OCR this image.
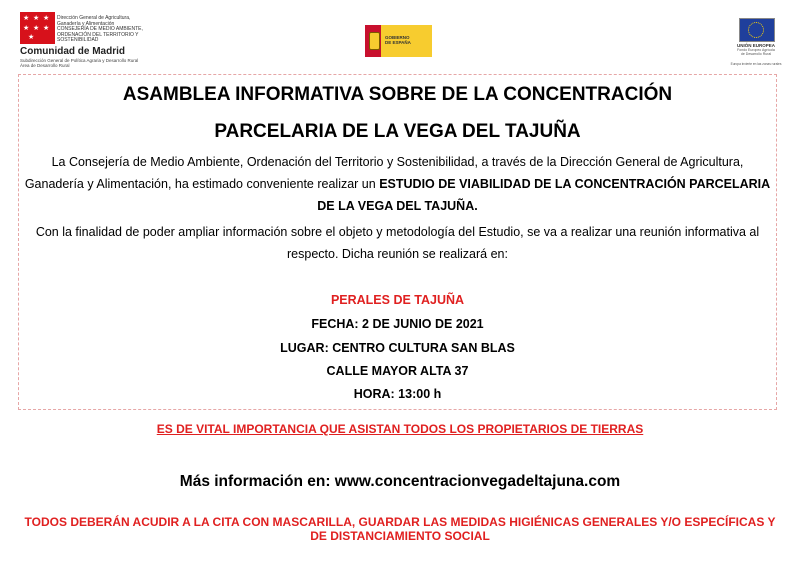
★ ★ ★
★ ★ ★
★
Dirección General de Agricultura,
Ganadería y Alimentación
CONSEJERÍA DE MEDIO AMBIENTE,
ORDENACIÓN DEL TERRITORIO Y
SOSTENIBILIDAD
Comunidad de Madrid
Subdirección General de Política Agraria y Desarrollo Rural
Área de Desarrollo Rural
GOBIERNO
DE ESPAÑA
UNIÓN EUROPEA
Fondo Europeo Agrícola
de Desarrollo Rural
Europa invierte en las zonas rurales
ASAMBLEA INFORMATIVA SOBRE DE LA CONCENTRACIÓN
PARCELARIA DE LA VEGA DEL TAJUÑA
La Consejería de Medio Ambiente, Ordenación del Territorio y Sostenibilidad, a través de la Dirección General de Agricultura, Ganadería y Alimentación, ha estimado conveniente realizar un ESTUDIO DE VIABILIDAD DE LA CONCENTRACIÓN PARCELARIA DE LA VEGA DEL TAJUÑA.
Con la finalidad de poder ampliar información sobre el objeto y metodología del Estudio, se va a realizar una reunión informativa al respecto. Dicha reunión se realizará en:
PERALES DE TAJUÑA
FECHA: 2 DE JUNIO DE 2021
LUGAR: CENTRO CULTURA SAN BLAS
CALLE MAYOR ALTA 37
HORA: 13:00 h
ES DE VITAL IMPORTANCIA QUE ASISTAN TODOS LOS PROPIETARIOS DE TIERRAS
Más información en: www.concentracionvegadeltajuna.com
TODOS DEBERÁN ACUDIR A LA CITA CON MASCARILLA, GUARDAR LAS MEDIDAS HIGIÉNICAS GENERALES Y/O ESPECÍFICAS Y DE DISTANCIAMIENTO SOCIAL
